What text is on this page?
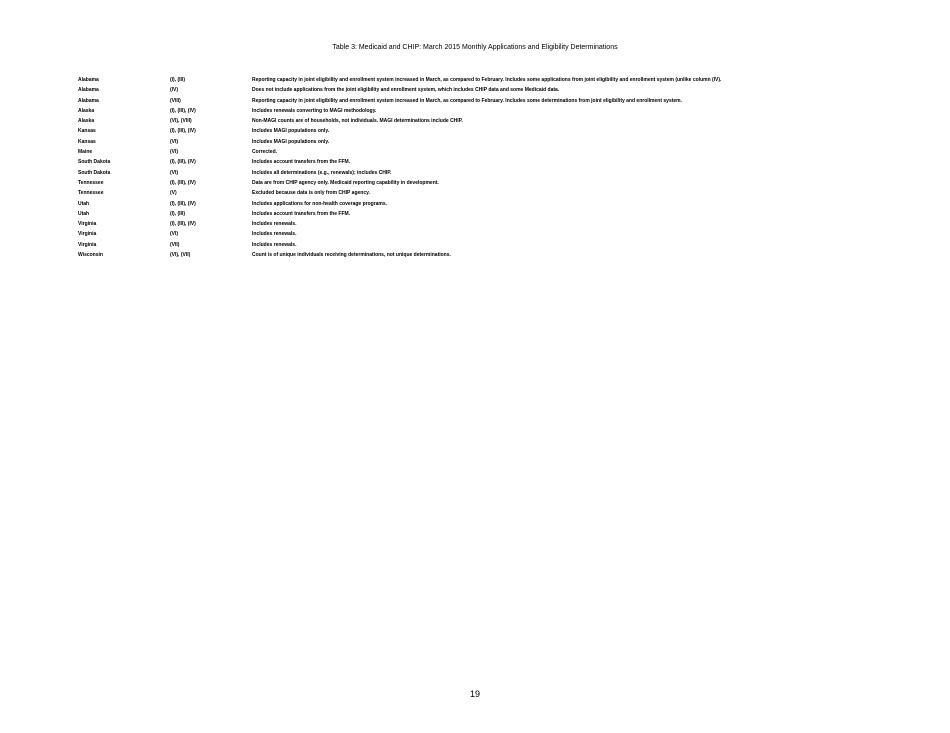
Table 3: Medicaid and CHIP: March 2015 Monthly Applications and Eligibility Determinations
Alabama	(I), (III)	Reporting capacity in joint eligibility and enrollment system increased in March, as compared to February. Includes some applications from joint eligibility and enrollment system (unlike column (IV).
Alabama	(IV)	Does not include applications from the joint eligibility and enrollment system, which includes CHIP data and some Medicaid data.
Alabama	(VIII)	Reporting capacity in joint eligibility and enrollment system increased in March, as compared to February. Includes some determinations from joint eligibility and enrollment system.
Alaska	(I), (III), (IV)	Includes renewals converting to MAGI methodology.
Alaska	(VI), (VIII)	Non-MAGI counts are of households, not individuals. MAGI determinations include CHIP.
Kansas	(I), (III), (IV)	Includes MAGI populations only.
Kansas	(VI)	Includes MAGI populations only.
Maine	(VI)	Corrected.
South Dakota	(I), (III), (IV)	Includes account transfers from the FFM.
South Dakota	(VI)	Includes all determinations (e.g., renewals); includes CHIP.
Tennessee	(I), (III), (IV)	Data are from CHIP agency only. Medicaid reporting capability in development.
Tennessee	(V)	Excluded because data is only from CHIP agency.
Utah	(I), (III), (IV)	Includes applications for non-health coverage programs.
Utah	(I), (III)	Includes account transfers from the FFM.
Virginia	(I), (III), (IV)	Includes renewals.
Virginia	(VI)	Includes renewals.
Virginia	(VII)	Includes renewals.
Wisconsin	(VI), (VII)	Count is of unique individuals receiving determinations, not unique determinations.
19
